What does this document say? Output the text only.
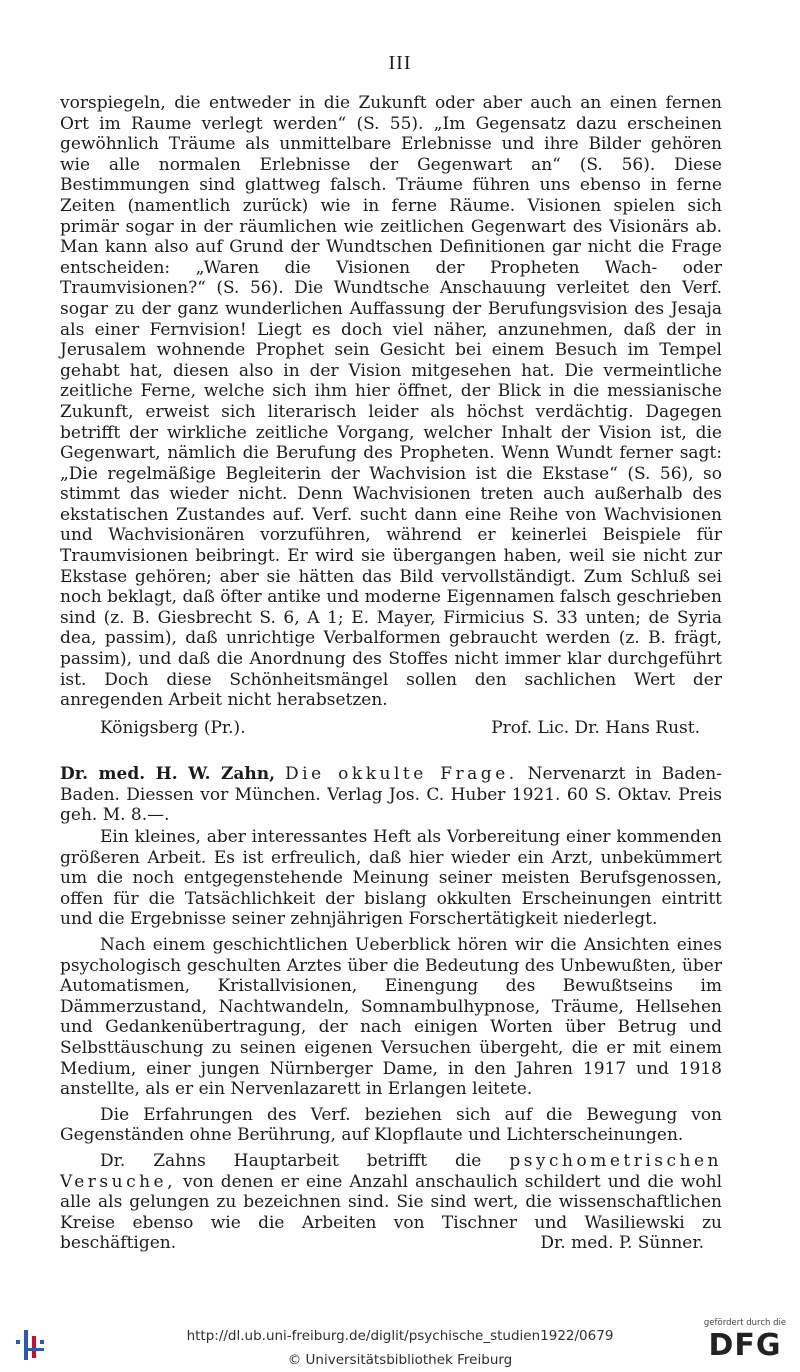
III

vorspiegeln, die entweder in die Zukunft oder aber auch an einen fernen Ort im Raume verlegt werden“ (S. 55). „Im Gegensatz dazu erscheinen gewöhnlich Träume als unmittelbare Erlebnisse und ihre Bilder gehören wie alle normalen Erlebnisse der Gegenwart an“ (S. 56). Diese Bestimmungen sind glattweg falsch. Träume führen uns ebenso in ferne Zeiten (namentlich zurück) wie in ferne Räume. Visionen spielen sich primär sogar in der räumlichen wie zeitlichen Gegenwart des Visionärs ab. Man kann also auf Grund der Wundtschen Definitionen gar nicht die Frage entscheiden: „Waren die Visionen der Propheten Wach- oder Traumvisionen?“ (S. 56). Die Wundtsche Anschauung verleitet den Verf. sogar zu der ganz wunderlichen Auffassung der Berufungsvision des Jesaja als einer Fernvision! Liegt es doch viel näher, anzunehmen, daß der in Jerusalem wohnende Prophet sein Gesicht bei einem Besuch im Tempel gehabt hat, diesen also in der Vision mitgesehen hat. Die vermeintliche zeitliche Ferne, welche sich ihm hier öffnet, der Blick in die messianische Zukunft, erweist sich literarisch leider als höchst verdächtig. Dagegen betrifft der wirkliche zeitliche Vorgang, welcher Inhalt der Vision ist, die Gegenwart, nämlich die Berufung des Propheten. Wenn Wundt ferner sagt: „Die regelmäßige Begleiterin der Wachvision ist die Ekstase“ (S. 56), so stimmt das wieder nicht. Denn Wachvisionen treten auch außerhalb des ekstatischen Zustandes auf. Verf. sucht dann eine Reihe von Wachvisionen und Wachvisionären vorzuführen, während er keinerlei Beispiele für Traumvisionen beibringt. Er wird sie übergangen haben, weil sie nicht zur Ekstase gehören; aber sie hätten das Bild vervollständigt. Zum Schluß sei noch beklagt, daß öfter antike und moderne Eigennamen falsch geschrieben sind (z. B. Giesbrecht S. 6, A 1; E. Mayer, Firmicius S. 33 unten; de Syria dea, passim), daß unrichtige Verbalformen gebraucht werden (z. B. frägt, passim), und daß die Anordnung des Stoffes nicht immer klar durchgeführt ist. Doch diese Schönheitsmängel sollen den sachlichen Wert der anregenden Arbeit nicht herabsetzen.

Königsberg (Pr.).	Prof. Lic. Dr. Hans Rust.

Dr. med. H. W. Zahn, Die okkulte Frage. Nervenarzt in Baden-Baden. Diessen vor München. Verlag Jos. C. Huber 1921. 60 S. Oktav. Preis geh. M. 8.—.

Ein kleines, aber interessantes Heft als Vorbereitung einer kommenden größeren Arbeit. Es ist erfreulich, daß hier wieder ein Arzt, unbekümmert um die noch entgegenstehende Meinung seiner meisten Berufsgenossen, offen für die Tatsächlichkeit der bislang okkulten Erscheinungen eintritt und die Ergebnisse seiner zehnjährigen Forschertätigkeit niederlegt.

Nach einem geschichtlichen Ueberblick hören wir die Ansichten eines psychologisch geschulten Arztes über die Bedeutung des Unbewußten, über Automatismen, Kristallvisionen, Einengung des Bewußtseins im Dämmerzustand, Nachtwandeln, Somnambulhypnose, Träume, Hellsehen und Gedankenübertragung, der nach einigen Worten über Betrug und Selbsttäuschung zu seinen eigenen Versuchen übergeht, die er mit einem Medium, einer jungen Nürnberger Dame, in den Jahren 1917 und 1918 anstellte, als er ein Nervenlazarett in Erlangen leitete.

Die Erfahrungen des Verf. beziehen sich auf die Bewegung von Gegenständen ohne Berührung, auf Klopflaute und Lichterscheinungen.

Dr. Zahns Hauptarbeit betrifft die psychometrischen Versuche, von denen er eine Anzahl anschaulich schildert und die wohl alle als gelungen zu bezeichnen sind. Sie sind wert, die wissenschaftlichen Kreise ebenso wie die Arbeiten von Tischner und Wasiliewski zu beschäftigen.	Dr. med. P. Sünner.

http://dl.ub.uni-freiburg.de/diglit/psychische_studien1922/0679
© Universitätsbibliothek Freiburg
gefördert durch die
DFG
